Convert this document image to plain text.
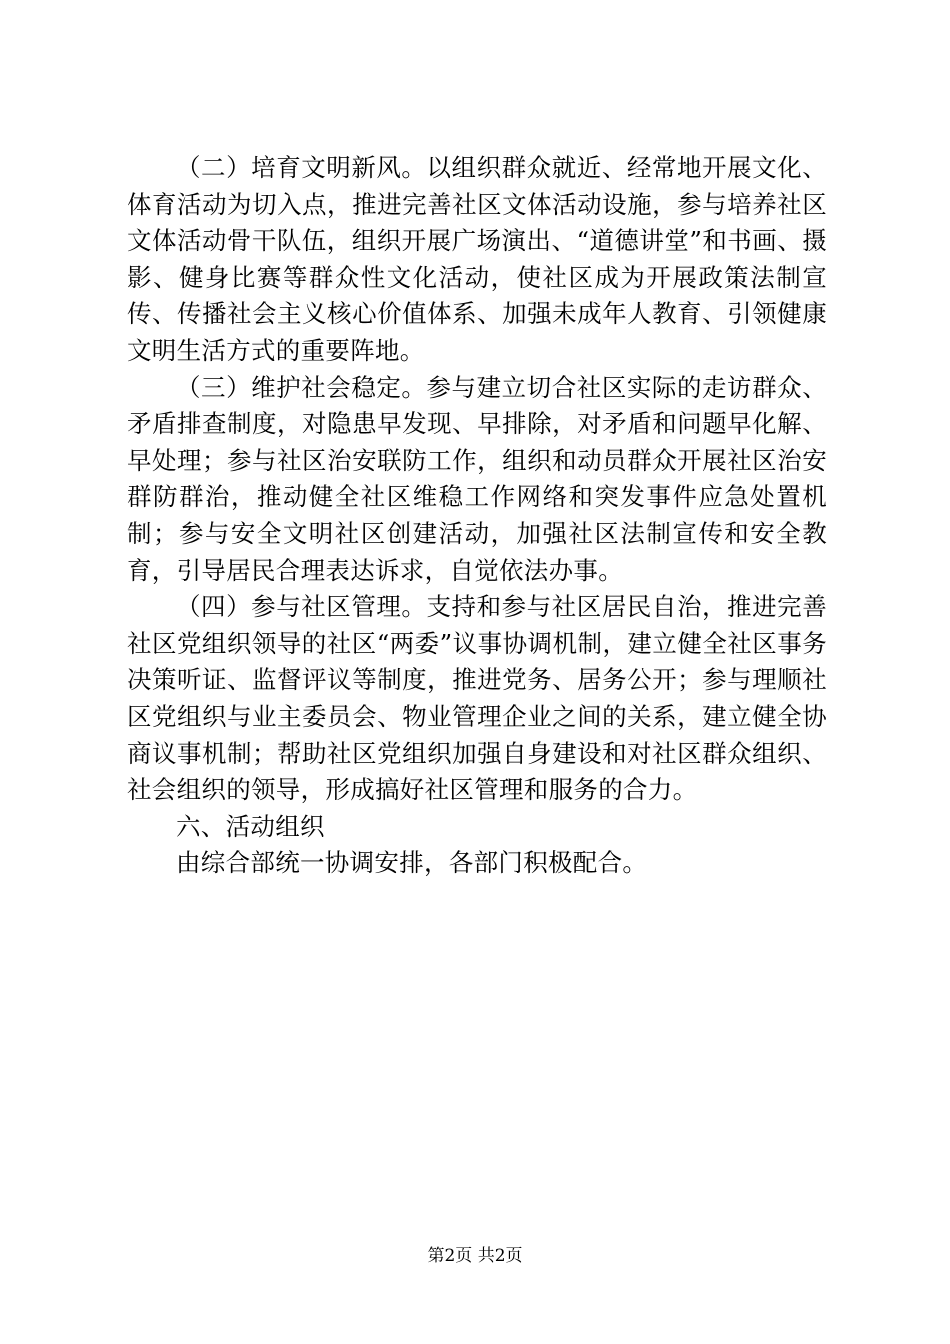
（二）培育文明新风。以组织群众就近、经常地开展文化、体育活动为切入点，推进完善社区文体活动设施，参与培养社区文体活动骨干队伍，组织开展广场演出、“道德讲堂”和书画、摄影、健身比赛等群众性文化活动，使社区成为开展政策法制宣传、传播社会主义核心价值体系、加强未成年人教育、引领健康文明生活方式的重要阵地。

（三）维护社会稳定。参与建立切合社区实际的走访群众、矛盾排查制度，对隐患早发现、早排除，对矛盾和问题早化解、早处理；参与社区治安联防工作，组织和动员群众开展社区治安群防群治，推动健全社区维稳工作网络和突发事件应急处置机制；参与安全文明社区创建活动，加强社区法制宣传和安全教育，引导居民合理表达诉求，自觉依法办事。

（四）参与社区管理。支持和参与社区居民自治，推进完善社区党组织领导的社区“两委”议事协调机制，建立健全社区事务决策听证、监督评议等制度，推进党务、居务公开；参与理顺社区党组织与业主委员会、物业管理企业之间的关系，建立健全协商议事机制；帮助社区党组织加强自身建设和对社区群众组织、社会组织的领导，形成搞好社区管理和服务的合力。

六、活动组织

由综合部统一协调安排，各部门积极配合。

第2页 共2页
